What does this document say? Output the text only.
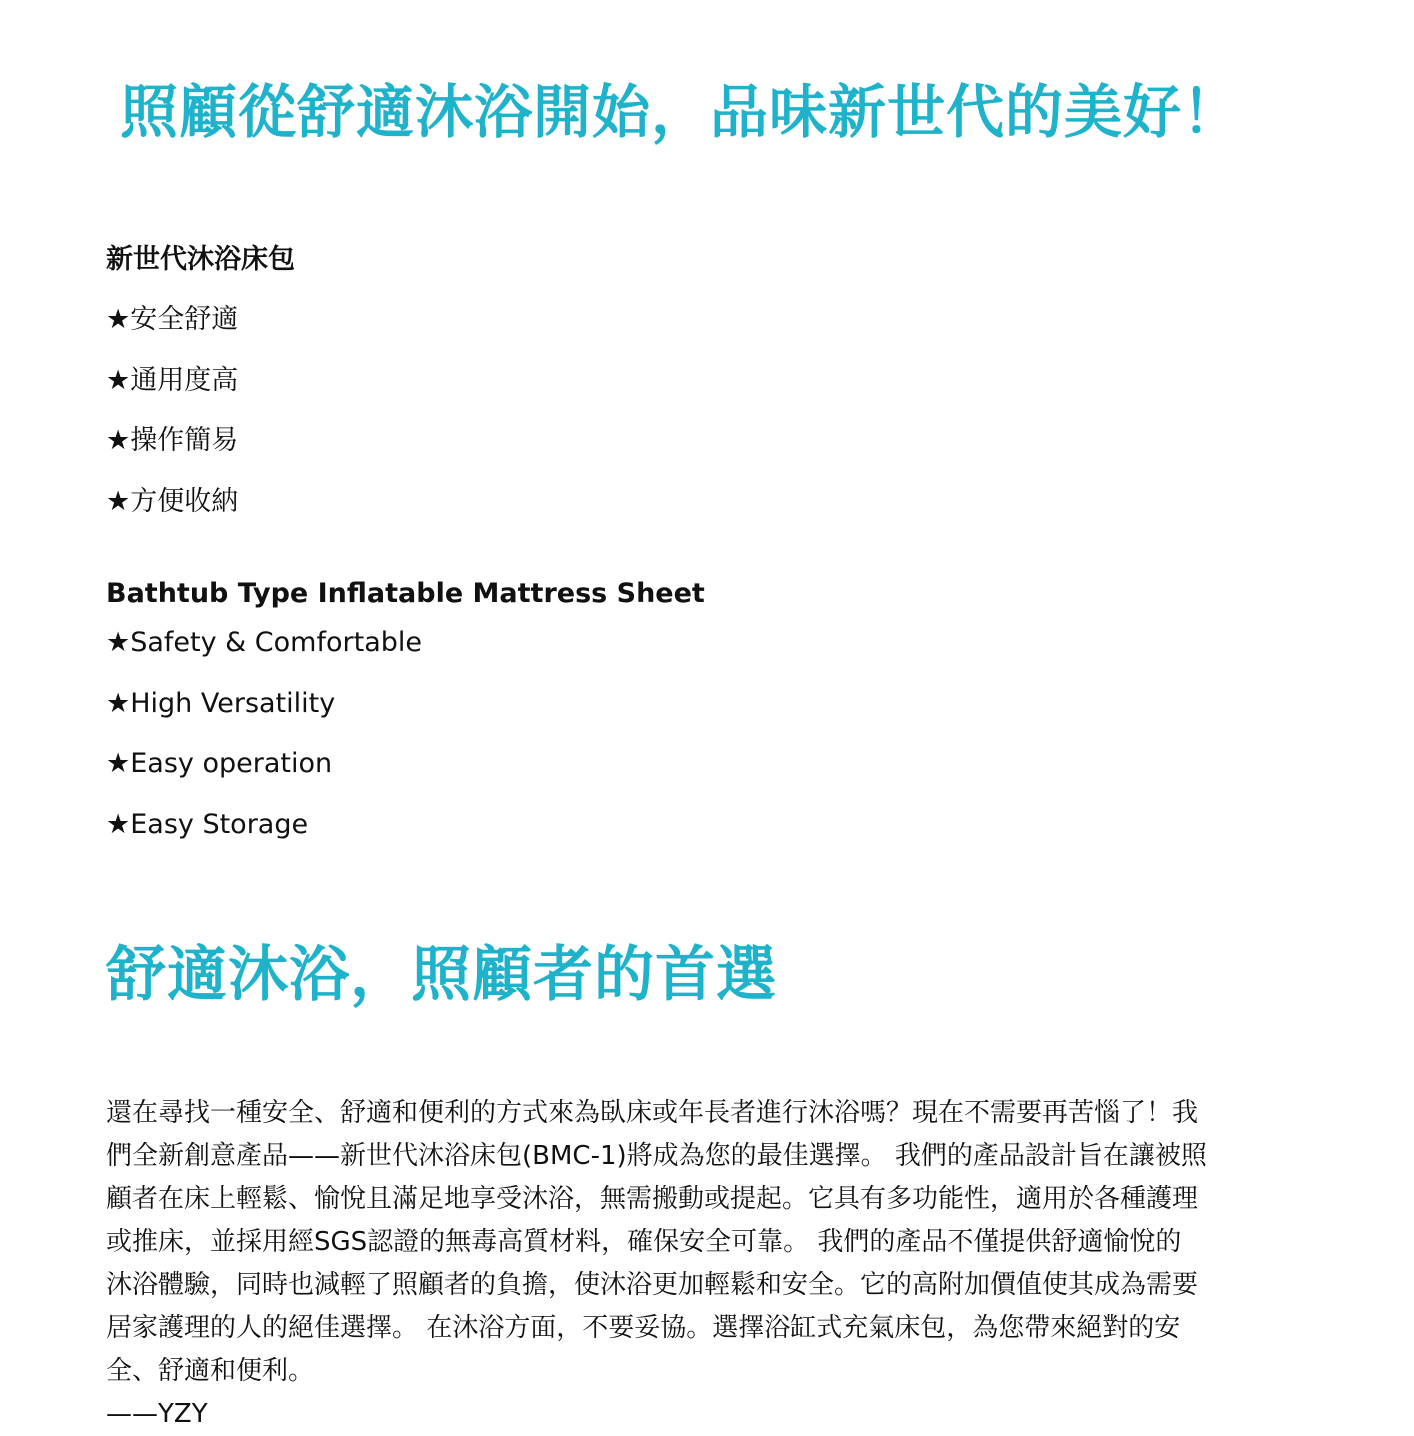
照顧從舒適沐浴開始，品味新世代的美好！
新世代沐浴床包
★安全舒適
★通用度高
★操作簡易
★方便收納
Bathtub Type Inflatable Mattress Sheet
★Safety & Comfortable
★High Versatility
★Easy operation
★Easy Storage
舒適沐浴，照顧者的首選

還在尋找一種安全、舒適和便利的方式來為臥床或年長者進行沐浴嗎？現在不需要再苦惱了！我
們全新創意產品——新世代沐浴床包(BMC-1)將成為您的最佳選擇。 我們的產品設計旨在讓被照
顧者在床上輕鬆、愉悅且滿足地享受沐浴，無需搬動或提起。它具有多功能性，適用於各種護理
或推床，並採用經SGS認證的無毒高質材料，確保安全可靠。 我們的產品不僅提供舒適愉悅的
沐浴體驗，同時也減輕了照顧者的負擔，使沐浴更加輕鬆和安全。它的高附加價值使其成為需要
居家護理的人的絕佳選擇。 在沐浴方面，不要妥協。選擇浴缸式充氣床包，為您帶來絕對的安
全、舒適和便利。
——YZY
